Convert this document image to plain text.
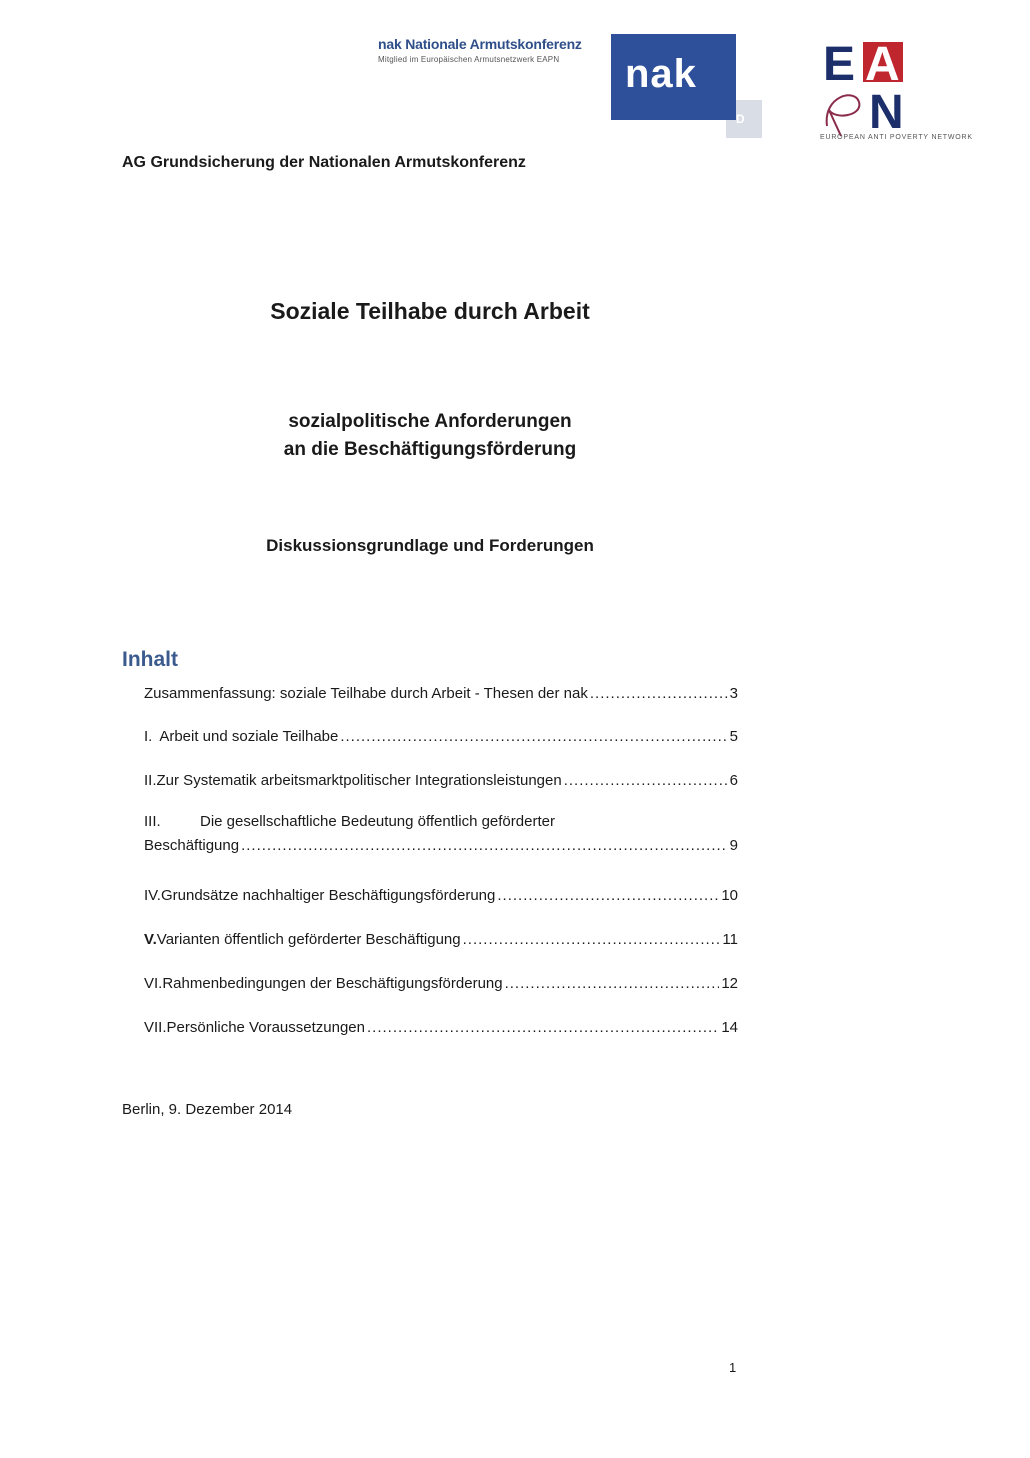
nak Nationale Armutskonferenz
Mitglied im Europäischen Armutsnetzwerk EAPN
D
nak	E A
N
EUROPEAN ANTI POVERTY NETWORK
AG Grundsicherung der Nationalen Armutskonferenz
Soziale Teilhabe durch Arbeit
sozialpolitische Anforderungen
an die Beschäftigungsförderung
Diskussionsgrundlage und Forderungen
Inhalt
Zusammenfassung: soziale Teilhabe durch Arbeit - Thesen der nak .....	3
I. Arbeit und soziale Teilhabe .....	5
II. Zur Systematik arbeitsmarktpolitischer Integrationsleistungen .....	6
III.	Die gesellschaftliche Bedeutung öffentlich geförderter
Beschäftigung .....	9
IV. Grundsätze nachhaltiger Beschäftigungsförderung .....	10
V. Varianten öffentlich geförderter Beschäftigung .....	11
VI. Rahmenbedingungen der Beschäftigungsförderung .....	12
VII. Persönliche Voraussetzungen .....	14
Berlin, 9. Dezember 2014
1
